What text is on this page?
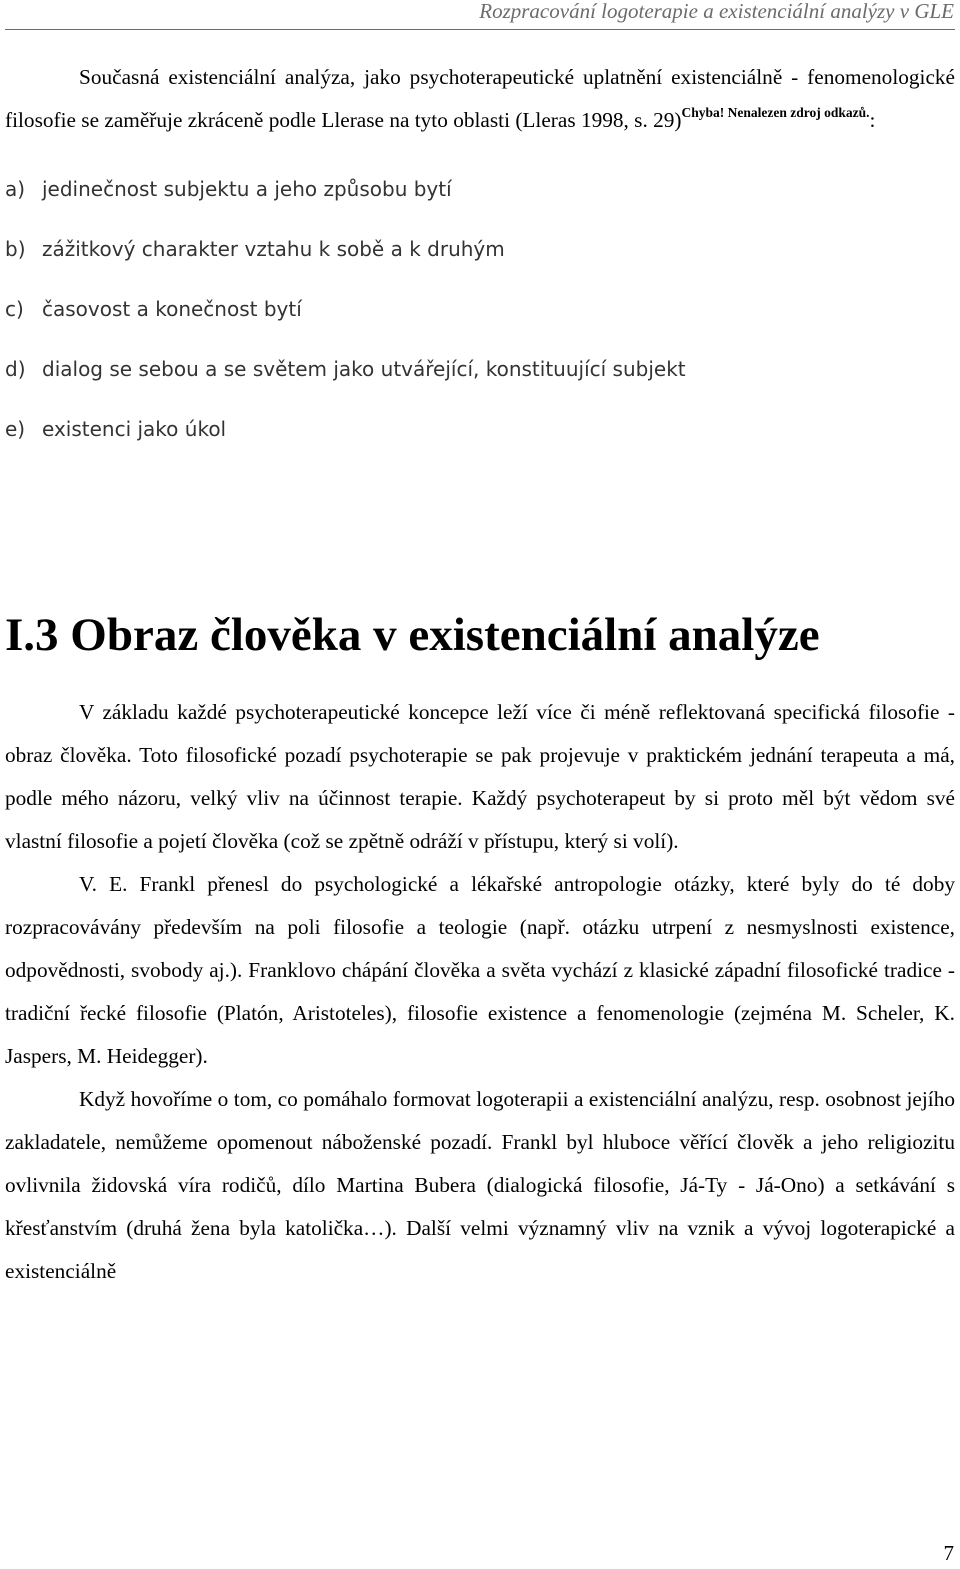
Rozpracování logoterapie a existenciální analýzy v GLE

Současná existenciální analýza, jako psychoterapeutické uplatnění existenciálně - fenomenologické filosofie se zaměřuje zkráceně podle Llerase na tyto oblasti (Lleras 1998, s. 29)$^{Chyba! Nenalezen zdroj odkazů.}$:

a) jedinečnost subjektu a jeho způsobu bytí
b) zážitkový charakter vztahu k sobě a k druhým
c) časovost a konečnost bytí
d) dialog se sebou a se světem jako utvářející, konstituující subjekt
e) existenci jako úkol
I.3 Obraz člověka v existenciální analýze

V základu každé psychoterapeutické koncepce leží více či méně reflektovaná specifická filosofie - obraz člověka. Toto filosofické pozadí psychoterapie se pak projevuje v praktickém jednání terapeuta a má, podle mého názoru, velký vliv na účinnost terapie. Každý psychoterapeut by si proto měl být vědom své vlastní filosofie a pojetí člověka (což se zpětně odráží v přístupu, který si volí).

V. E. Frankl přenesl do psychologické a lékařské antropologie otázky, které byly do té doby rozpracovávány především na poli filosofie a teologie (např. otázku utrpení z nesmyslnosti existence, odpovědnosti, svobody aj.). Franklovo chápání člověka a světa vychází z klasické západní filosofické tradice - tradiční řecké filosofie (Platón, Aristoteles), filosofie existence a fenomenologie (zejména M. Scheler, K. Jaspers, M. Heidegger).

Když hovoříme o tom, co pomáhalo formovat logoterapii a existenciální analýzu, resp. osobnost jejího zakladatele, nemůžeme opomenout náboženské pozadí. Frankl byl hluboce věřící člověk a jeho religiozitu ovlivnila židovská víra rodičů, dílo Martina Bubera (dialogická filosofie, Já-Ty - Já-Ono) a setkávání s křesťanstvím (druhá žena byla katolička…). Další velmi významný vliv na vznik a vývoj logoterapické a existenciálně

7
